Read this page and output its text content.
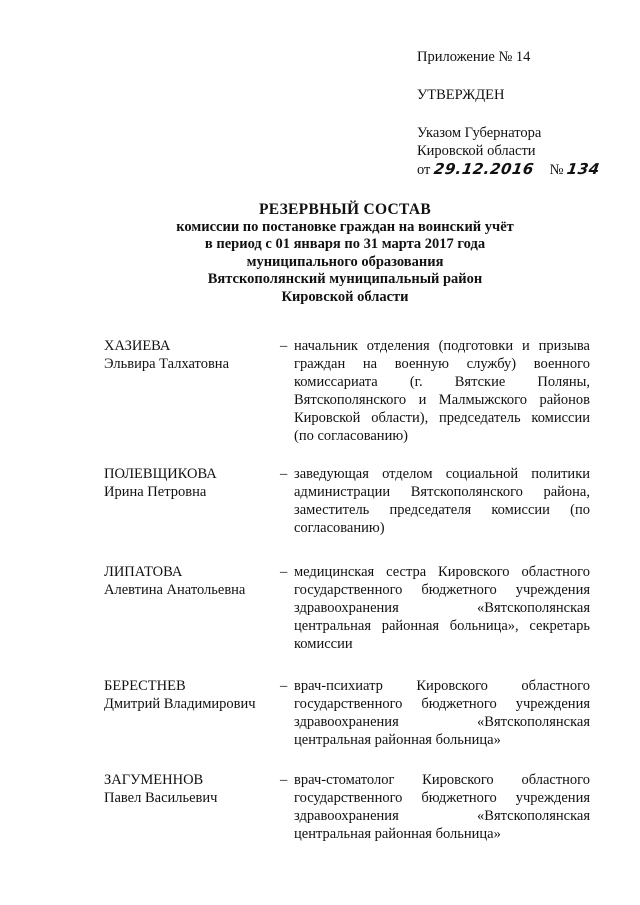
Приложение № 14
УТВЕРЖДЕН
Указом Губернатора
Кировской области
от 29.12.2016 № 134
РЕЗЕРВНЫЙ СОСТАВ
комиссии по постановке граждан на воинский учёт
в период с 01 января по 31 марта 2017 года
муниципального образования
Вятскополянский муниципальный район
Кировской области
ХАЗИЕВА
Эльвира Талхатовна
– начальник отделения (подготовки и призыва граждан на военную службу) военного комиссариата (г. Вятские Поляны, Вятскополянского и Малмыжского районов Кировской области), председатель комиссии (по согласованию)
ПОЛЕВЩИКОВА
Ирина Петровна
– заведующая отделом социальной политики администрации Вятскополянского района, заместитель председателя комиссии (по согласованию)
ЛИПАТОВА
Алевтина Анатольевна
– медицинская сестра Кировского областного государственного бюджетного учреждения здравоохранения «Вятскополянская центральная районная больница», секретарь комиссии
БЕРЕСТНЕВ
Дмитрий Владимирович
– врач-психиатр Кировского областного государственного бюджетного учреждения здравоохранения «Вятскополянская центральная районная больница»
ЗАГУМЕННОВ
Павел Васильевич
– врач-стоматолог Кировского областного государственного бюджетного учреждения здравоохранения «Вятскополянская центральная районная больница»
